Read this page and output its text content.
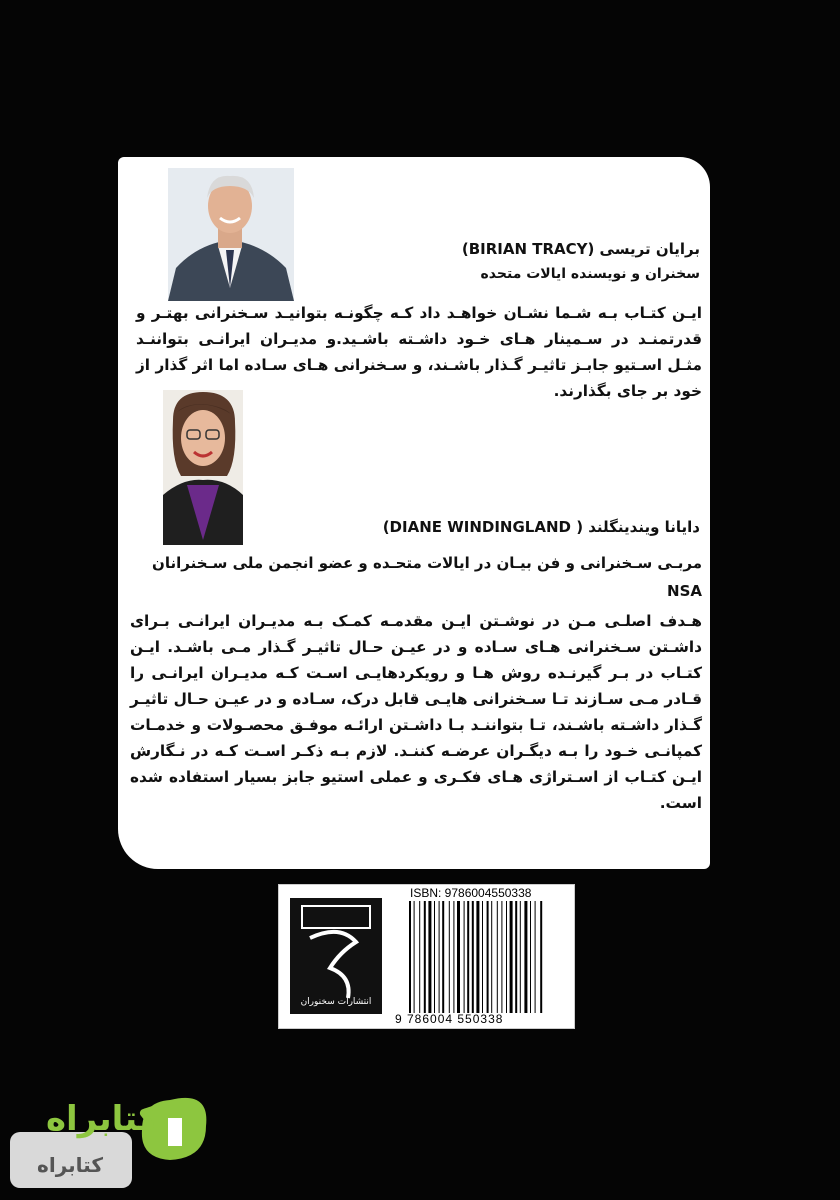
برایان تریسی (BIRIAN TRACY)
سخنران و نویسنده ایالات متحده
ایـن کتـاب بـه شـما نشـان خواهـد داد کـه چگونـه بتوانیـد سـخنرانی بهتـر و قدرتمنـد در سـمینار هـای خـود داشـته باشـید.و مدیـران ایرانـی بتواننـد مثـل اسـتیو جابـز تاثیـر گـذار باشـند، و سـخنرانی هـای سـاده اما اثر گذار از خود بر جای بگذارند.
دایانا ویندینگلند ( DIANE WINDINGLAND)
مربـی سـخنرانی و فن بیـان در ایالات متحـده و عضو انجمن ملی سـخنرانان NSA
هـدف اصلـی مـن در نوشـتن ایـن مقدمـه کمـک بـه مدیـران ایرانـی بـرای داشـتن سـخنرانی هـای سـاده و در عیـن حـال تاثیـر گـذار مـی باشـد. ایـن کتـاب در بـر گیرنـده روش هـا و رویکردهایـی اسـت کـه مدیـران ایرانـی را قـادر مـی سـازند تـا سـخنرانی هایـی قابل درک، سـاده و در عیـن حـال تاثیـر گـذار داشـته باشـند، تـا بتواننـد بـا داشـتن ارائـه موفـق محصـولات و خدمـات کمپانـی خـود را بـه دیگـران عرضـه کننـد. لازم بـه ذکـر اسـت کـه در نـگارش ایـن کتـاب از اسـتراژی هـای فکـری و عملی استیو جابز بسیار استفاده شده است.
انتشارات سخنوران
ISBN: 9786004550338
9 786004 550338
کتابراه
کتابراه
